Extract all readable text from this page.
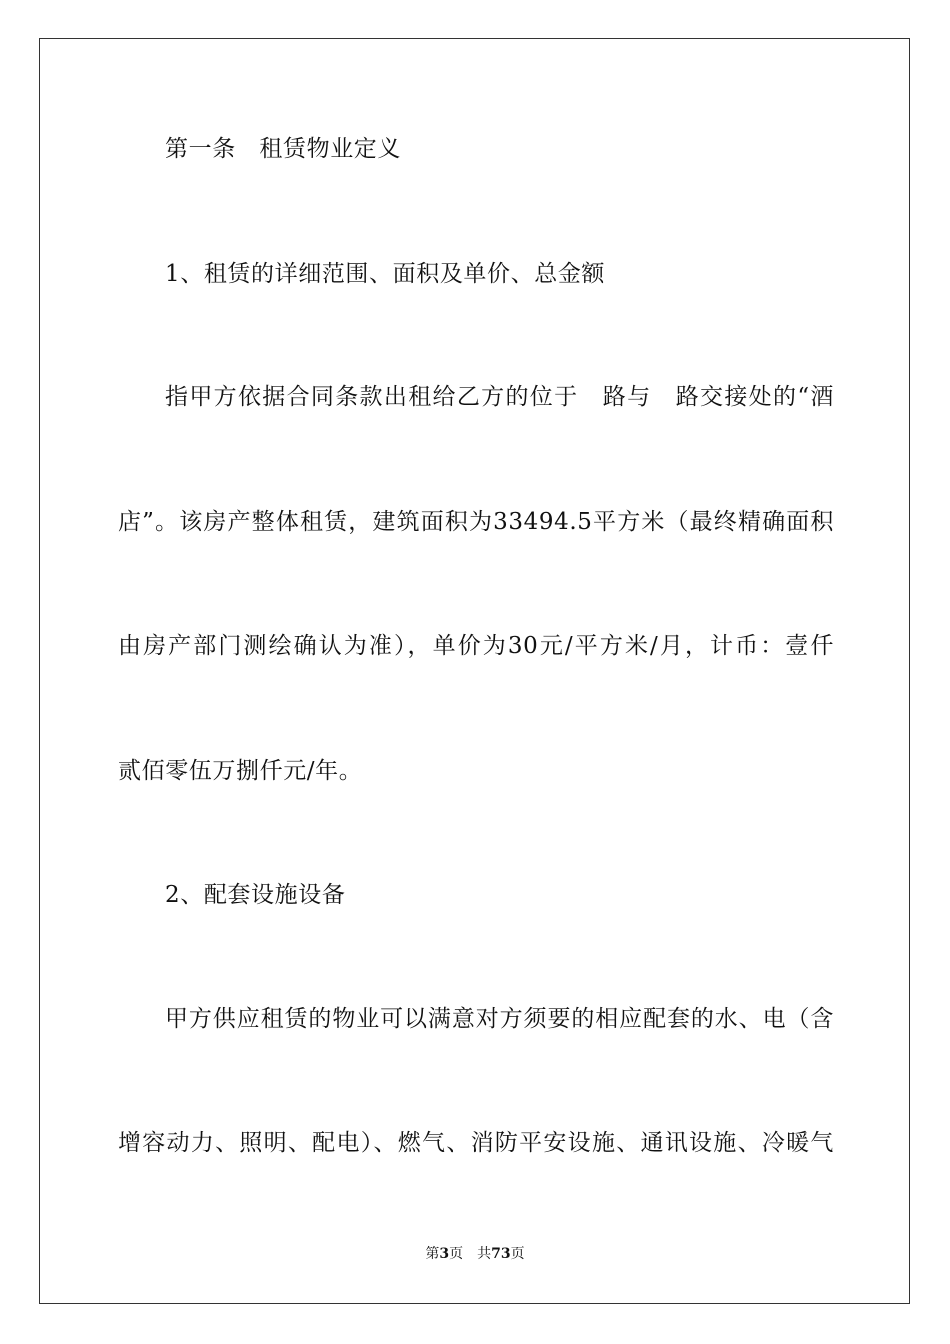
第一条　租赁物业定义
1、租赁的详细范围、面积及单价、总金额
指甲方依据合同条款出租给乙方的位于　路与　路交接处的“酒
店”。该房产整体租赁，建筑面积为33494.5平方米（最终精确面积
由房产部门测绘确认为准），单价为30元/平方米/月，计币：壹仟
贰佰零伍万捌仟元/年。
2、配套设施设备
甲方供应租赁的物业可以满意对方须要的相应配套的水、电（含
增容动力、照明、配电）、燃气、消防平安设施、通讯设施、冷暖气
第3页　共73页
